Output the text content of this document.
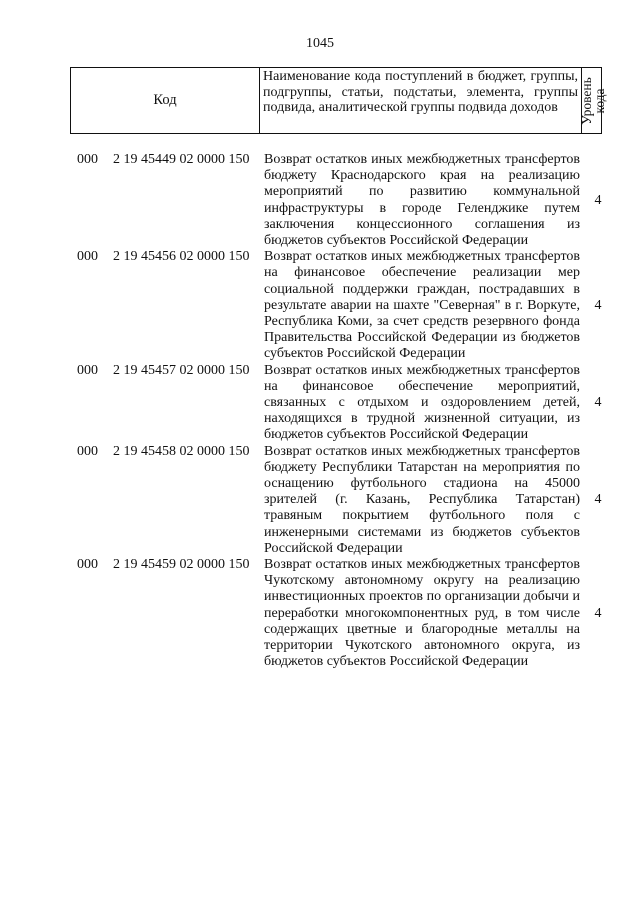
1045
Код
Наименование кода поступлений в бюджет, группы, подгруппы, статьи, подстатьи, элемента, группы подвида, аналитической группы подвида доходов	Уровень
кода
000 2 19 45449 02 0000 150 Возврат остатков иных межбюджетных трансфертов бюджету Краснодарского края на реализацию мероприятий по развитию коммунальной инфраструктуры в городе Геленджике путем заключения концессионного соглашения из бюджетов субъектов Российской Федерации
4
000 2 19 45456 02 0000 150 Возврат остатков иных межбюджетных трансфертов на финансовое обеспечение реализации мер социальной поддержки граждан, пострадавших в результате аварии на шахте "Северная" в г. Воркуте, Республика Коми, за счет средств резервного фонда Правительства Российской Федерации из бюджетов субъектов Российской Федерации
4
000 2 19 45457 02 0000 150 Возврат остатков иных межбюджетных трансфертов на финансовое обеспечение мероприятий, связанных с отдыхом и оздоровлением детей, находящихся в трудной жизненной ситуации, из бюджетов субъектов Российской Федерации
4
000 2 19 45458 02 0000 150 Возврат остатков иных межбюджетных трансфертов бюджету Республики Татарстан на мероприятия по оснащению футбольного стадиона на 45000 зрителей (г. Казань, Республика Татарстан) травяным покрытием футбольного поля с инженерными системами из бюджетов субъектов Российской Федерации
4
000 2 19 45459 02 0000 150 Возврат остатков иных межбюджетных трансфертов Чукотскому автономному округу на реализацию инвестиционных проектов по организации добычи и переработки многокомпонентных руд, в том числе содержащих цветные и благородные металлы на территории Чукотского автономного округа, из бюджетов субъектов Российской Федерации
4
